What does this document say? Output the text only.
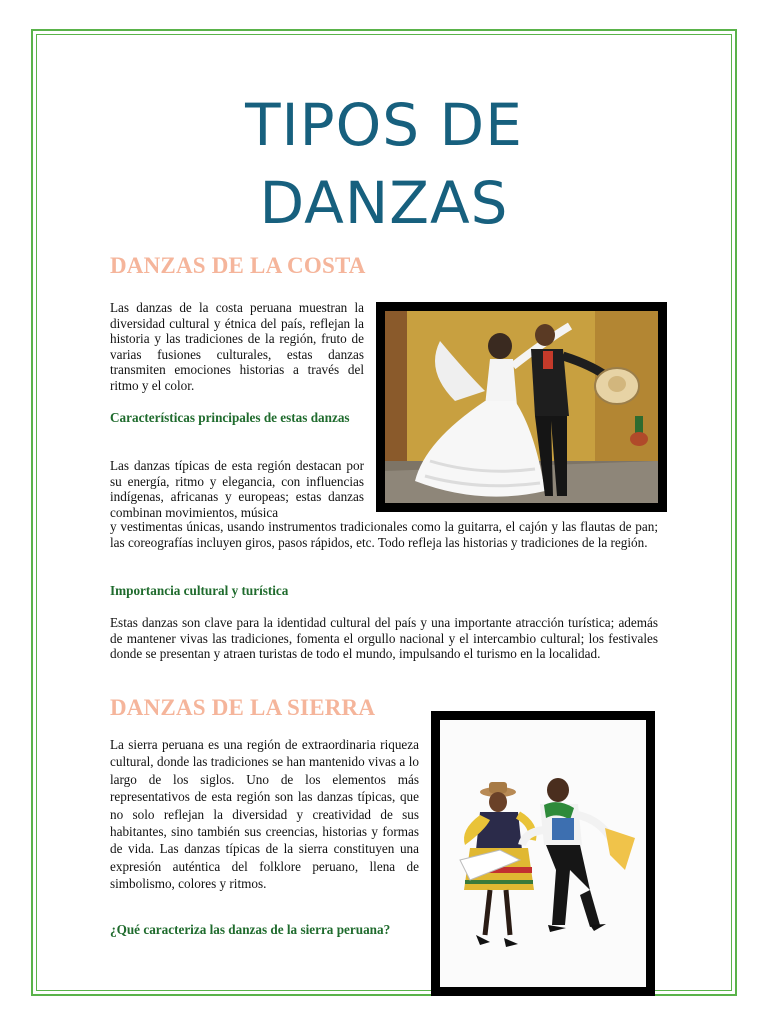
TIPOS DE
DANZAS
DANZAS DE LA COSTA
Las danzas de la costa peruana muestran la diversidad cultural y étnica del país, reflejan la historia y las tradiciones de la región, fruto de varias fusiones culturales, estas danzas transmiten emociones historias a través del ritmo y el color.
Características principales de estas danzas
Las danzas típicas de esta región destacan por su energía, ritmo y elegancia, con influencias indígenas, africanas y europeas; estas danzas combinan movimientos, música
y vestimentas únicas, usando instrumentos tradicionales como la guitarra, el cajón y las flautas de pan; las coreografías incluyen giros, pasos rápidos, etc. Todo refleja las historias y tradiciones de la región.
Importancia cultural y turística
Estas danzas son clave para la identidad cultural del país y una importante atracción turística; además de mantener vivas las tradiciones, fomenta el orgullo nacional y el intercambio cultural; los festivales donde se presentan y atraen turistas de todo el mundo, impulsando el turismo en la localidad.
DANZAS DE LA SIERRA
La sierra peruana es una región de extraordinaria riqueza cultural, donde las tradiciones se han mantenido vivas a lo largo de los siglos. Uno de los elementos más representativos de esta región son las danzas típicas, que no solo reflejan la diversidad y creatividad de sus habitantes, sino también sus creencias, historias y formas de vida. Las danzas típicas de la sierra constituyen una expresión auténtica del folklore peruano, llena de simbolismo, colores y ritmos.
¿Qué caracteriza las danzas de la sierra peruana?
